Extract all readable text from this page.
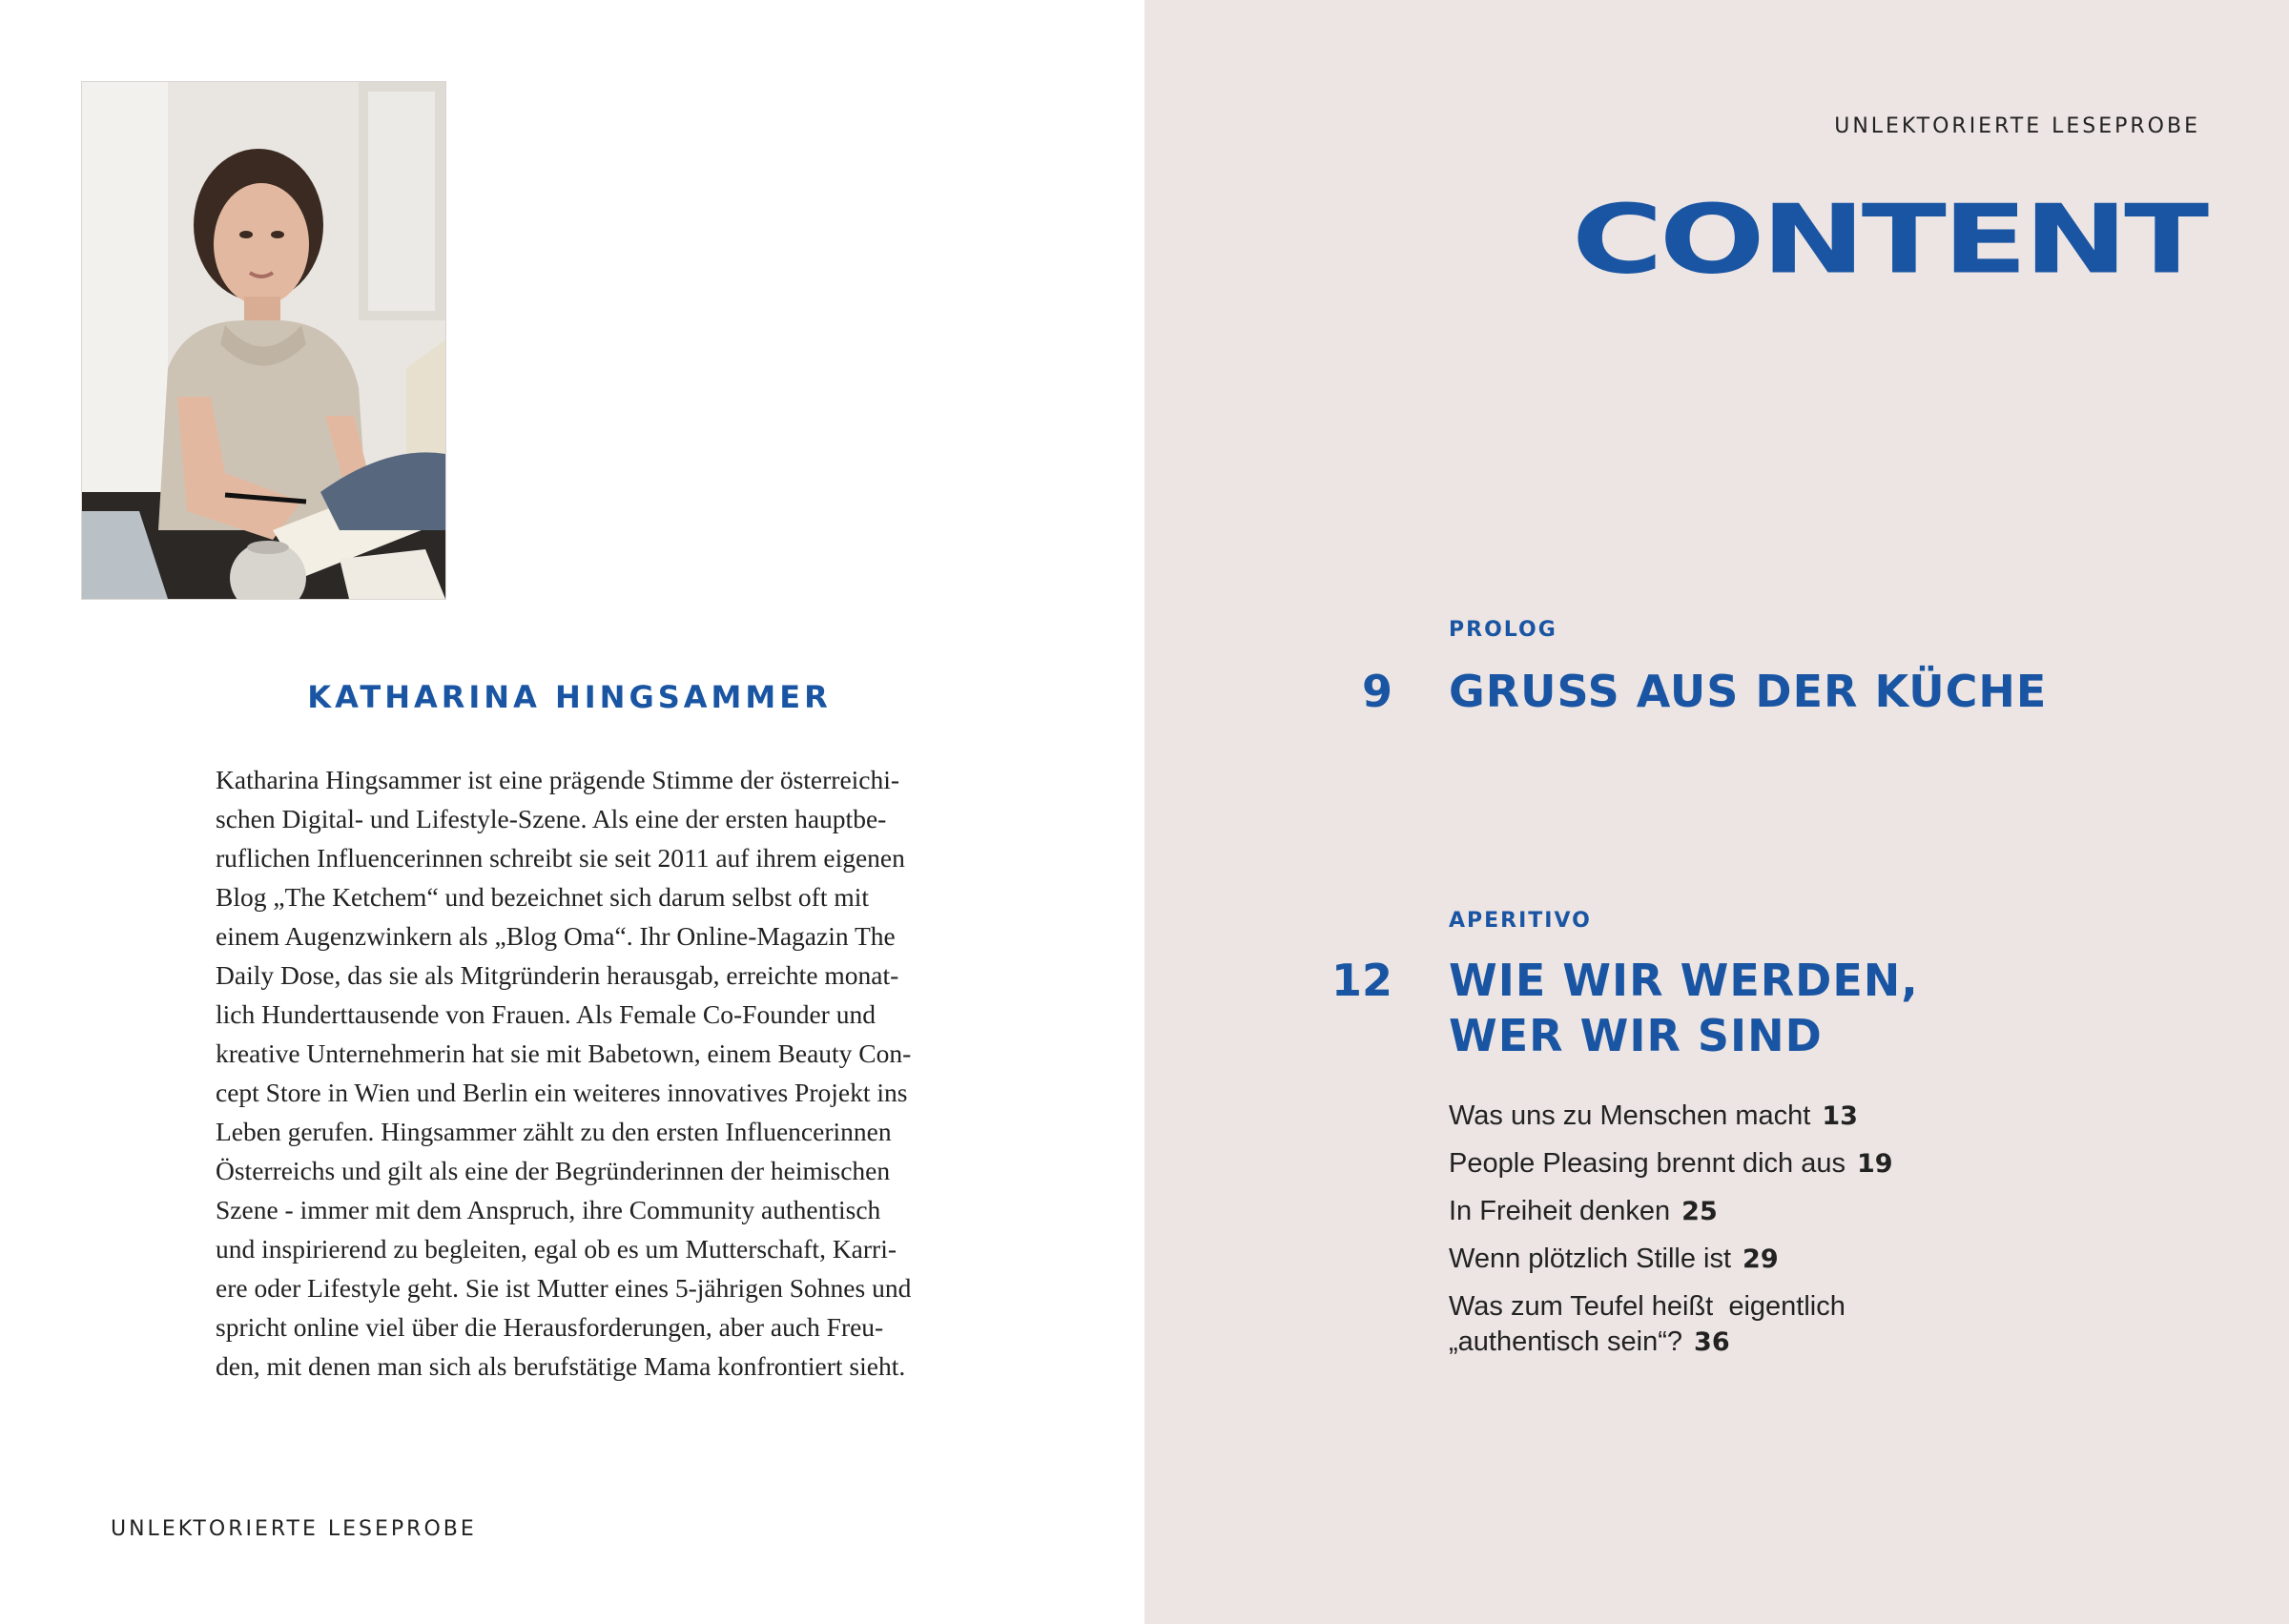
KATHARINA HINGSAMMER
Katharina Hingsammer ist eine prägende Stimme der österreichi-
schen Digital- und Lifestyle-Szene. Als eine der ersten hauptbe-
ruflichen Influencerinnen schreibt sie seit 2011 auf ihrem eigenen
Blog „The Ketchem“ und bezeichnet sich darum selbst oft mit
einem Augenzwinkern als „Blog Oma“. Ihr Online-Magazin The
Daily Dose, das sie als Mitgründerin herausgab, erreichte monat-
lich Hunderttausende von Frauen. Als Female Co-Founder und
kreative Unternehmerin hat sie mit Babetown, einem Beauty Con-
cept Store in Wien und Berlin ein weiteres innovatives Projekt ins
Leben gerufen. Hingsammer zählt zu den ersten Influencerinnen
Österreichs und gilt als eine der Begründerinnen der heimischen
Szene - immer mit dem Anspruch, ihre Community authentisch
und inspirierend zu begleiten, egal ob es um Mutterschaft, Karri-
ere oder Lifestyle geht. Sie ist Mutter eines 5-jährigen Sohnes und
spricht online viel über die Herausforderungen, aber auch Freu-
den, mit denen man sich als berufstätige Mama konfrontiert sieht.
UNLEKTORIERTE LESEPROBE
UNLEKTORIERTE LESEPROBE
CONTENT
PROLOG
9 GRUSS AUS DER KÜCHE
APERITIVO
12 WIE WIR WERDEN,
WER WIR SIND
Was uns zu Menschen macht 13
People Pleasing brennt dich aus 19
In Freiheit denken 25
Wenn plötzlich Stille ist 29
Was zum Teufel heißt  eigentlich
„authentisch sein“? 36
